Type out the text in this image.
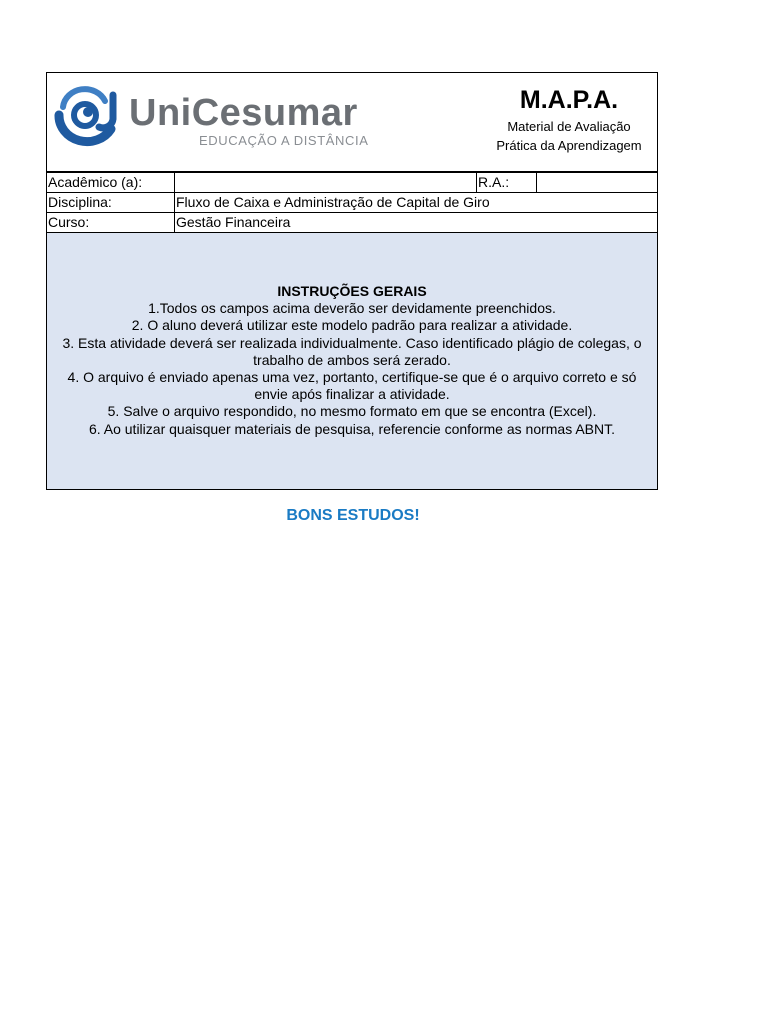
UniCesumar
EDUCAÇÃO A DISTÂNCIA
M.A.P.A.
Material de Avaliação Prática da Aprendizagem
Acadêmico (a):	R.A.:
Disciplina:	Fluxo de Caixa e Administração de Capital de Giro
Curso:	Gestão Financeira
INSTRUÇÕES GERAIS
1.Todos os campos acima deverão ser devidamente preenchidos.
2. O aluno deverá utilizar este modelo padrão para realizar a atividade.
3. Esta atividade deverá ser realizada individualmente. Caso identificado plágio de colegas, o trabalho de ambos será zerado.
4. O arquivo é enviado apenas uma vez, portanto, certifique-se que é o arquivo correto e só envie após finalizar a atividade.
5. Salve o arquivo respondido, no mesmo formato em que se encontra (Excel).
6. Ao utilizar quaisquer materiais de pesquisa, referencie conforme as normas ABNT.
BONS ESTUDOS!
